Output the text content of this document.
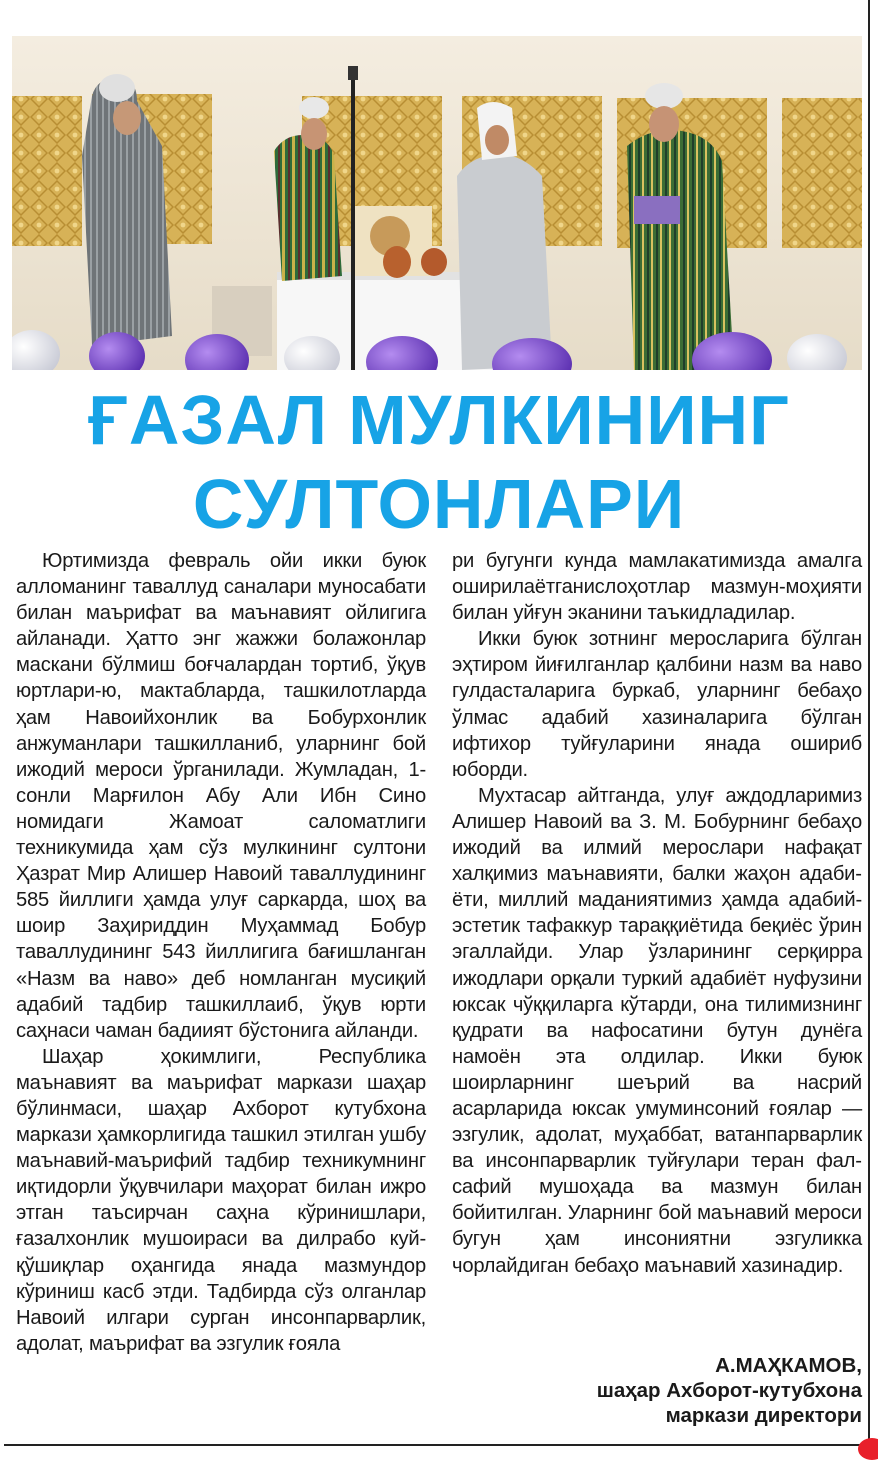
ҒАЗАЛ МУЛКИНИНГ
СУЛТОНЛАРИ

Юртимизда февраль ойи икки буюк алломанинг таваллуд саналари муносабати билан маърифат ва маънавият ойлигига айланади. Ҳатто энг жажжи болажонлар маскани бўлмиш боғчалардан тортиб, ўқув юртлари-ю, мактабларда, ташкилотларда ҳам Навоийхонлик ва Бобурхонлик анжуманлари ташкилланиб, уларнинг бой ижодий мероси ўрганилади. Жумладан, 1-сонли Марғилон Абу Али Ибн Сино номидаги Жамоат саломатлиги техникумида ҳам сўз мулкининг султони Ҳазрат Мир Алишер Навоий таваллудининг 585 йиллиги ҳамда улуғ саркарда, шоҳ ва шоир Заҳириддин Муҳаммад Бобур таваллудининг 543 йиллигига бағишланган «Назм ва наво» деб номланган мусиқий адабий тадбир ташкиллаиб, ўқув юрти саҳнаси чаман бадиият бўстонига айланди.

Шаҳар ҳокимлиги, Республика маънавият ва маърифат маркази шаҳар бўлинмаси, шаҳар Ахборот кутубхона маркази ҳамкорлигида ташкил этилган ушбу маънавий-маърифий тадбир техникумнинг иқтидорли ўқувчилари маҳорат билан ижро этган таъсирчан саҳна кўринишлари, ғазалхонлик мушоираси ва дилрабо куй-қўшиқлар оҳангида янада мазмундор кўриниш касб этди. Тадбирда сўз олганлар Навоий илгари сурган инсонпарварлик, адолат, маърифат ва эзгулик ғояла

ри бугунги кунда мамлакатимизда амалга оширилаётганислоҳотлар мазмун-моҳияти билан уйғун эканини таъкидладилар.

Икки буюк зотнинг меросларига бўлган эҳтиром йиғилганлар қалбини назм ва наво гулдасталарига буркаб, уларнинг бебаҳо ўлмас адабий хазиналарига бўлган ифтихор туйғуларини янада ошириб юборди.

Мухтасар айтганда, улуғ аждодларимиз Алишер Навоий ва З. М. Бобурнинг бебаҳо ижодий ва илмий мерослари нафақат халқимиз маънавияти, балки жаҳон адабиёти, миллий маданиятимиз ҳамда адабий-эстетик тафаккур тараққиётида беқиёс ўрин эгаллайди. Улар ўзларининг серқирра ижодлари орқали туркий адабиёт нуфузини юксак чўққиларга кўтарди, она тилимизнинг қудрати ва нафосатини бутун дунёга намоён эта олдилар. Икки буюк шоирларнинг шеърий ва насрий асарларида юксак умуминсоний ғоялар — эзгулик, адолат, муҳаббат, ватанпарварлик ва инсонпарварлик туйғулари теран фалсафий мушоҳада ва мазмун билан бойитилган. Уларнинг бой маънавий мероси бугун ҳам инсониятни эзгуликка чорлайдиган бебаҳо маънавий хазинадир.

А.МАҲКАМОВ,
шаҳар Ахборот-кутубхона
маркази директори
